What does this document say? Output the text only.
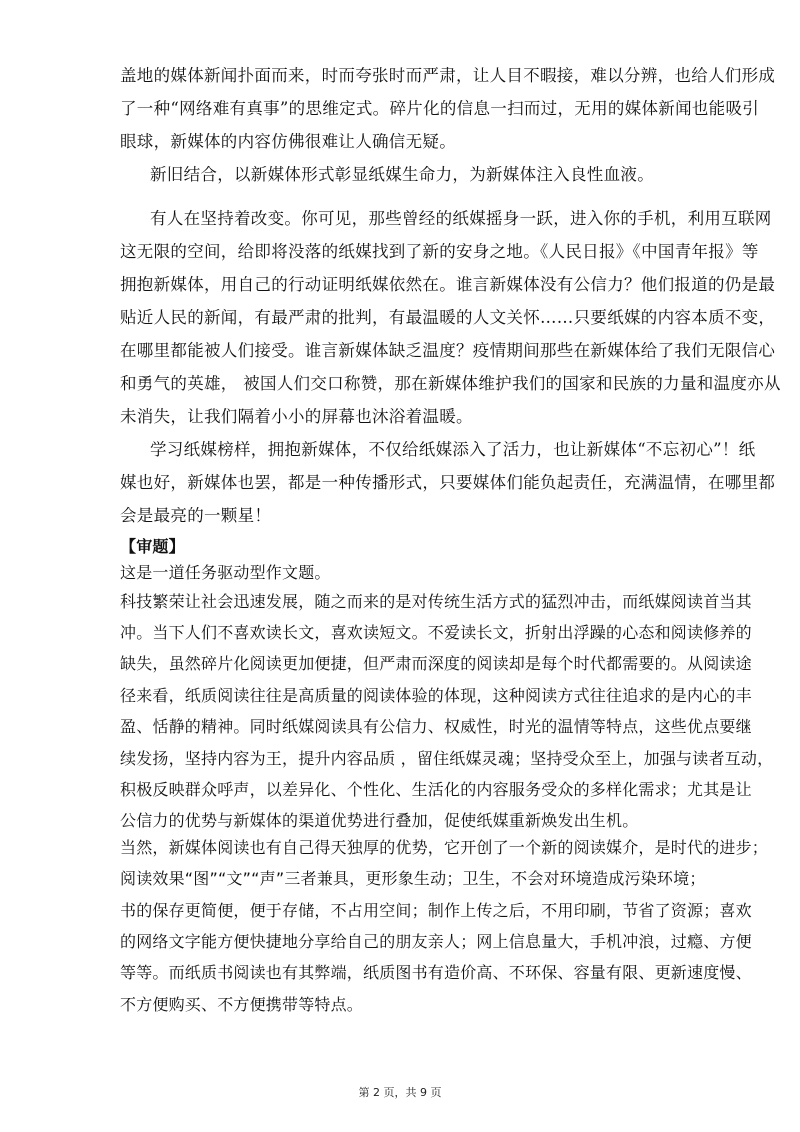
盖地的媒体新闻扑面而来，时而夸张时而严肃，让人目不暇接，难以分辨，也给人们形成
了一种“网络难有真事”的思维定式。碎片化的信息一扫而过，无用的媒体新闻也能吸引
眼球，新媒体的内容仿佛很难让人确信无疑。
新旧结合，以新媒体形式彰显纸媒生命力，为新媒体注入良性血液。
有人在坚持着改变。你可见，那些曾经的纸媒摇身一跃，进入你的手机，利用互联网
这无限的空间，给即将没落的纸媒找到了新的安身之地。《人民日报》《中国青年报》等
拥抱新媒体，用自己的行动证明纸媒依然在。谁言新媒体没有公信力？他们报道的仍是最
贴近人民的新闻，有最严肃的批判，有最温暖的人文关怀……只要纸媒的内容本质不变，
在哪里都能被人们接受。谁言新媒体缺乏温度？疫情期间那些在新媒体给了我们无限信心
和勇气的英雄， 被国人们交口称赞，那在新媒体维护我们的国家和民族的力量和温度亦从
未消失，让我们隔着小小的屏幕也沐浴着温暖。
学习纸媒榜样，拥抱新媒体，不仅给纸媒添入了活力，也让新媒体“不忘初心”！纸
媒也好，新媒体也罢，都是一种传播形式，只要媒体们能负起责任，充满温情，在哪里都
会是最亮的一颗星！
【审题】
这是一道任务驱动型作文题。
科技繁荣让社会迅速发展，随之而来的是对传统生活方式的猛烈冲击，而纸媒阅读首当其
冲。当下人们不喜欢读长文，喜欢读短文。不爱读长文，折射出浮躁的心态和阅读修养的
缺失，虽然碎片化阅读更加便捷，但严肃而深度的阅读却是每个时代都需要的。从阅读途
径来看，纸质阅读往往是高质量的阅读体验的体现，这种阅读方式往往追求的是内心的丰
盈、恬静的精神。同时纸媒阅读具有公信力、权威性，时光的温情等特点，这些优点要继
续发扬，坚持内容为王，提升内容品质 ，留住纸媒灵魂；坚持受众至上，加强与读者互动，
积极反映群众呼声，以差异化、个性化、生活化的内容服务受众的多样化需求；尤其是让
公信力的优势与新媒体的渠道优势进行叠加，促使纸媒重新焕发出生机。
当然，新媒体阅读也有自己得天独厚的优势，它开创了一个新的阅读媒介，是时代的进步；
阅读效果“图”“文”“声”三者兼具，更形象生动；卫生，不会对环境造成污染环境；
书的保存更简便，便于存储，不占用空间；制作上传之后，不用印刷，节省了资源；喜欢
的网络文字能方便快捷地分享给自己的朋友亲人；网上信息量大，手机冲浪，过瘾、方便
等等。而纸质书阅读也有其弊端，纸质图书有造价高、不环保、容量有限、更新速度慢、
不方便购买、不方便携带等特点。
第 2 页，共 9 页
